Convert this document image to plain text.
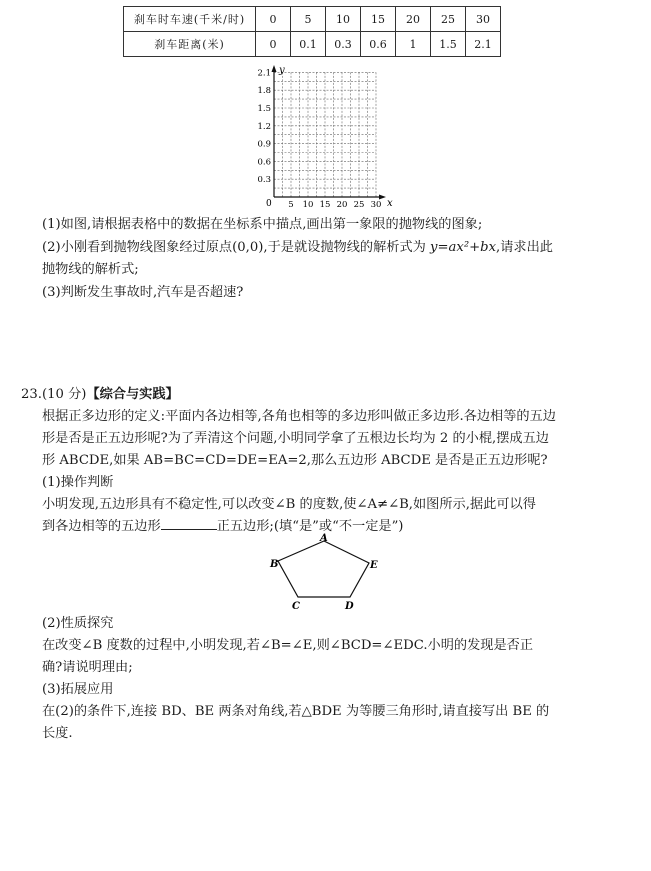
刹车时车速(千米/时)	0	5	10	15	20	25	30
刹车距离(米)	0	0.1	0.3	0.6	1	1.5	2.1
y
x
0
2.1
1.8
1.5
1.2
0.9
0.6
0.3
5 10 15 20 25 30
(1)如图,请根据表格中的数据在坐标系中描点,画出第一象限的抛物线的图象;
(2)小刚看到抛物线图象经过原点(0,0),于是就设抛物线的解析式为 y=ax²+bx,请求出此
抛物线的解析式;
(3)判断发生事故时,汽车是否超速?
23.(10 分)【综合与实践】
根据正多边形的定义:平面内各边相等,各角也相等的多边形叫做正多边形.各边相等的五边
形是否是正五边形呢?为了弄清这个问题,小明同学拿了五根边长均为 2 的小棍,摆成五边
形 ABCDE,如果 AB=BC=CD=DE=EA=2,那么五边形 ABCDE 是否是正五边形呢?
(1)操作判断
小明发现,五边形具有不稳定性,可以改变∠B 的度数,使∠A≠∠B,如图所示,据此可以得
到各边相等的五边形	正五边形;(填“是”或“不一定是”)
A
B
C	D
E
(2)性质探究
在改变∠B 度数的过程中,小明发现,若∠B=∠E,则∠BCD=∠EDC.小明的发现是否正
确?请说明理由;
(3)拓展应用
在(2)的条件下,连接 BD、BE 两条对角线,若△BDE 为等腰三角形时,请直接写出 BE 的
长度.
